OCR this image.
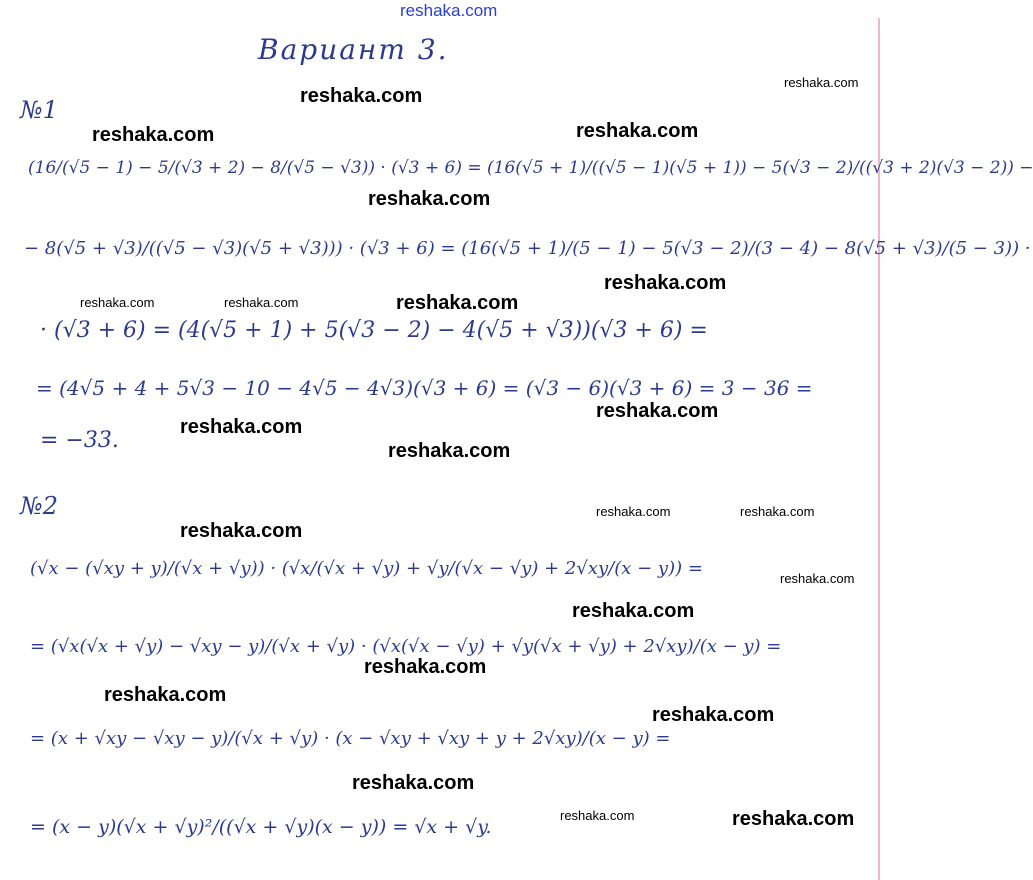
reshaka.com
Вариант 3.
№1
(16/(√5 − 1) − 5/(√3 + 2) − 8/(√5 − √3)) · (√3 + 6) = (16(√5 + 1)/((√5 − 1)(√5 + 1)) − 5(√3 − 2)/((√3 + 2)(√3 − 2)) −
− 8(√5 + √3)/((√5 − √3)(√5 + √3))) · (√3 + 6) = (16(√5 + 1)/(5 − 1) − 5(√3 − 2)/(3 − 4) − 8(√5 + √3)/(5 − 3)) ·
· (√3 + 6) = (4(√5 + 1) + 5(√3 − 2) − 4(√5 + √3))(√3 + 6) =
= (4√5 + 4 + 5√3 − 10 − 4√5 − 4√3)(√3 + 6) = (√3 − 6)(√3 + 6) = 3 − 36 =
= −33.
№2
(√x − (√xy + y)/(√x + √y)) · (√x/(√x + √y) + √y/(√x − √y) + 2√xy/(x − y)) =
= (√x(√x + √y) − √xy − y)/(√x + √y) · (√x(√x − √y) + √y(√x + √y) + 2√xy)/(x − y) =
= (x + √xy − √xy − y)/(√x + √y) · (x − √xy + √xy + y + 2√xy)/(x − y) =
= (x − y)(√x + √y)²/((√x + √y)(x − y)) = √x + √y.
reshaka.com
reshaka.com
reshaka.com	reshaka.com
reshaka.com
reshaka.com	reshaka.com	reshaka.com
reshaka.com
reshaka.com
reshaka.com
reshaka.com
reshaka.com	reshaka.com
reshaka.com
reshaka.com
reshaka.com
reshaka.com
reshaka.com
reshaka.com
reshaka.com
reshaka.com
reshaka.com
